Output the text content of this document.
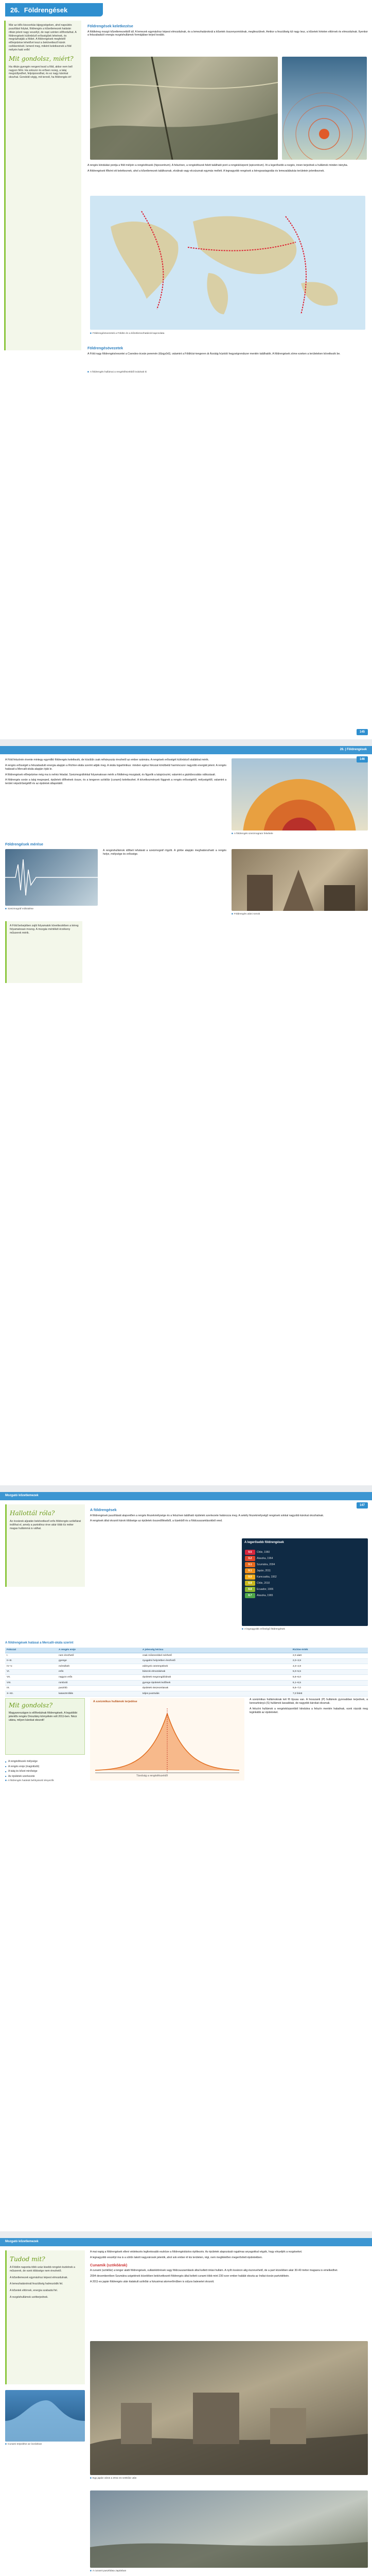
26. Földrengések
Már az idős kiscsorkás tájegységeken, ahol napsütés pusztítást folytat, földrengés a kőzetlemezek határán ritkán jelent nagy veszélyt, de napi szinten előfordulhat. A földrengések különböző erősségűek lehetnek, és megrázhatják a földet. A földrengések megfelelő előrejelzése lehetővé teszi a bekövetkező károk csökkentését. Ismerd meg, miként keletkeznek a föld mélyén ható erők!
Mit gondolsz, miért?
Ha ritkán gyengén rengeni kezd a föld, akkor nem kell nagyon félni. Ha sokszor és erősen rezeg, a talaj megsüllyedhet, felpúposodhat, és ez nagy károkat okozhat. Gondold végig, mit tennél, ha földrengés ér!
Földrengések keletkezése
A földkéreg mozgó kőzetlemezekből áll. A lemezek egymáshoz képest elmozdulnak, és a lemezhatároknál a kőzetek összenyomódnak, megfeszülnek. Amikor a feszültség túl nagy lesz, a kőzetek hirtelen eltörnek és elmozdulnak. Ilyenkor a felszabaduló energia rezgéshullámok formájában terjed tovább.
A rengés kiindulási pontja a föld mélyén a rengésfészek (hipocentrum). A felszínen, a rengésfészek felett található pont a rengésközpont (epicentrum). Itt a legerősebb a rezgés, innen terjednek a hullámok minden irányba.
A földrengések főként ott keletkeznek, ahol a kőzetlemezek találkoznak, elválnak vagy elcsúsznak egymás mellett. A legnagyobb rengések a kéregvastagodás és lemezalábukás területein jelentkeznek.
■ Földrengésövezetek a Földön és a kőzetlemezhatárok kapcsolata
Földrengésövezetek
A Föld nagy földrengésövezetei a Csendes-óceán peremén (tűzgyűrű), valamint a Földközi-tengeren át Ázsiáig húzódó hegységrendszer mentén találhatók. A földrengések zöme ezeken a területeken következik be.
■ A földrengés hullámai a rengésfészekből indulnak ki
145
26. | Földrengések
A Föld felszínén évente mintegy egymillió földrengés keletkezik, de közülük csak néhányszáz érezhető az ember számára. A rengések erősségét különböző skálákkal mérik.
A rengés erősségét a felszabaduló energia alapján a Richter-skála szerint adják meg. A skála logaritmikus: minden egész fokozat körülbelül harmincszor nagyobb energiát jelent. A rengés hatásait a Mercalli-skála alapján írják le.
A földrengések előrejelzése még ma is nehéz feladat. Szeizmográfokkal folyamatosan mérik a földkéreg mozgását, és figyelik a talajvízszint, valamint a gázkibocsátás változásait.
A földrengés során a talaj megreped, épületek dőlhetnek össze, és a tengeren szökőár (cunami) keletkezhet. A következmények függnek a rengés erősségétől, mélységétől, valamint a terület népsűrűségétől és az épületek állapotától.
■ A földrengés szeizmogram felvétele
Földrengések mérése
■ Szeizmográf működése
A rengéshullámok időbeli lefutását a szeizmográf rögzíti. A görbe alapján meghatározható a rengés helye, mélysége és erőssége.
■ Földrengés utáni romok
A Föld belsejében zajló folyamatok következtében a kéreg folyamatosan mozog. A mozgás mértékét érzékeny műszerek mérik.
146
Mozgató kőzetlemezek
A földrengések
A földrengések pusztítását alapvetően a rengés fészekmélysége és a felszínen található épületek szerkezete határozza meg. A sekély fészekmélységű rengések sokkal nagyobb károkat okozhatnak.
A rengések által okozott károk többsége az épületek összedőléséből, a tüzekből és a földcsuszamlásokból ered.
Hallottál róla?
Az óceánok aljzatán bekövetkező erős földrengés szökőárat indíthat el, amely a partokhoz érve akár több tíz méter magas hullámmá is válhat.
A legerősebb földrengések
9.5	Chile, 1960
9.2	Alaszka, 1964
9.1	Szumátra, 2004
9.1	Japán, 2011
9.0	Kamcsatka, 1952
8.8	Chile, 2010
8.8	Ecuador, 1906
8.7	Alaszka, 1965
■ A legnagyobb erősségű földrengések
A földrengések hatásai a Mercalli-skála szerint
Fokozat	A rengés ereje	A jelenség leírása	Richter-érték
I.	nem érezhető	csak műszerekkel mérhető	2,0 alatt
II–III.	gyenge	nyugalmi helyzetben érezhető	2,0–3,9
IV–V.	mérsékelt	edények csörömpölnek	4,0–4,9
VI.	erős	bútorok elmozdulnak	5,0–5,5
VII.	nagyon erős	épületek megrongálódnak	5,6–6,0
VIII.	romboló	gyenge épületek ledőlnek	6,1–6,5
IX.	pusztító	épületek összeomlanak	6,6–7,0
X–XII.	katasztrofális	teljes pusztulás	7,0 felett
A szeizmikus hullámok terjedése
Távolság a rengésfészektől
A szeizmikus hullámoknak két fő típusa van. A hosszanti (P) hullámok gyorsabban terjednek, a keresztirányú (S) hullámok lassabbak, de nagyobb károkat okoznak.
A felszíni hullámok a rengésközpontból kiindulva a felszín mentén haladnak, ezek rázzák meg leginkább az épületeket.
Mit gondolsz?
Magyarországon is előfordulnak földrengések. A legutóbbi jelentős rengés Oroszlány környékén volt 2011-ben. Nézz utána, milyen károkat okozott!
■ A rengésfészek mélysége
■ A rengés ereje (magnitúdó)
■ A talaj és kőzet minősége
■ Az épületek szerkezete
■ A földrengés hatását befolyásoló tényezők
147
Mozgató kőzetlemezek
Tudod mit?
A Földön naponta több száz kisebb rengést észlelnek a műszerek, de ezek többsége nem érezhető.
A kőzetlemezek egymáshoz képest elmozdulnak.
A lemezhatároknál feszültség halmozódik fel.
A kőzetek eltörnek, energia szabadul fel.
A rezgéshullámok szétterjednek.
A mai napig a földrengések elleni védekezés legfontosabb eszköze a földrengésbiztos építkezés. Az épületek alapozását rugalmas anyagokkal végzik, hogy elnyeljék a rezgéseket.
A legnagyobb veszélyt ma is a sűrűn lakott nagyvárosok jelentik, ahol sok ember él kis területen, régi, nem megfelelően megerősített épületekben.
Cunamik (szökőárak)
A cunami (szökőár) a tenger alatti földrengések, vulkánkitörések vagy földcsuszamlások által keltett óriási hullám. A nyílt óceánon alig észrevehető, de a part közelében akár 30-40 méter magasra is emelkedhet.
2004 decemberében Szumátra szigetének közelében bekövetkezett földrengés által keltett cunami több mint 230 ezer ember halálát okozta az Indiai-óceán partvidékein.
A 2011-es japán földrengés után kialakult szökőár a fukusimai atomerőműben is súlyos balesetet okozott.
■ Cunami terjedése az óceánban
■ Egy japán város a 2011-es szökőár után
■ A cunami pusztítása Japánban
